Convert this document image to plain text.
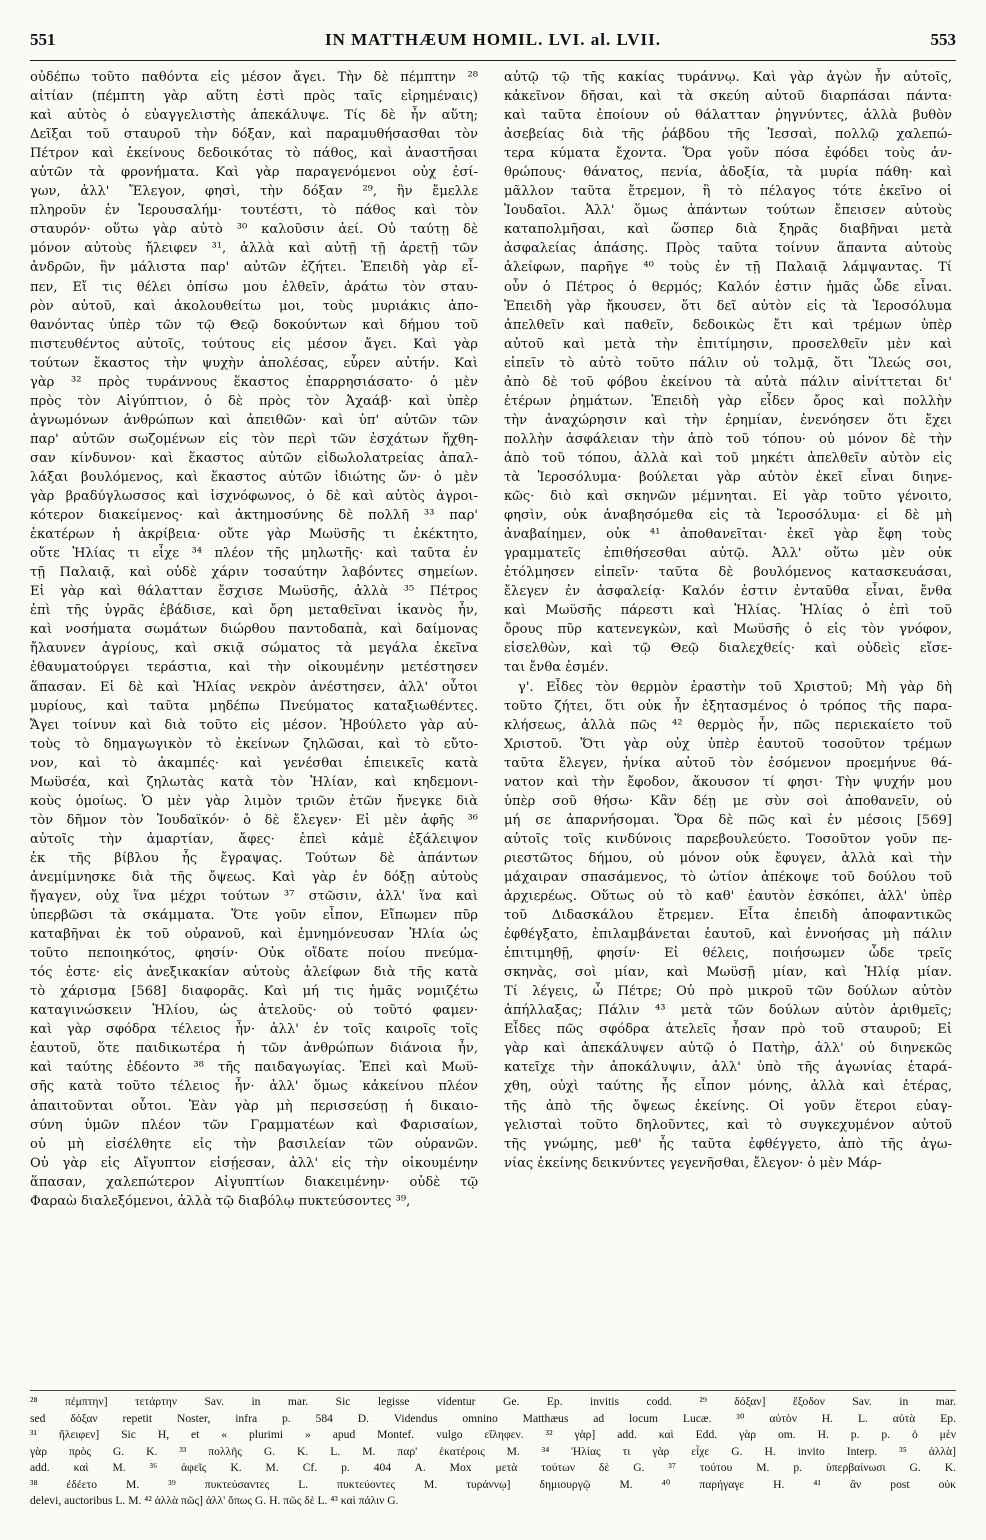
551	IN MATTHÆUM HOMIL. LVI. al. LVII.	553
οὐδέπω τοῦτο παθόντα εἰς μέσον ἄγει. Τὴν δὲ πέμπτην ²⁸
αἰτίαν (πέμπτη γὰρ αὕτη ἐστὶ πρὸς ταῖς εἰρημέναις)
καὶ αὐτὸς ὁ εὐαγγελιστὴς ἀπεκάλυψε. Τίς δὲ ἦν αὕτη;
Δεῖξαι τοῦ σταυροῦ τὴν δόξαν, καὶ παραμυθήσασθαι τὸν
Πέτρον καὶ ἐκείνους δεδοικότας τὸ πάθος, καὶ ἀναστῆσαι
αὐτῶν τὰ φρονήματα. Καὶ γὰρ παραγενόμενοι οὐχ ἐσί-
γων, ἀλλ' Ἔλεγον, φησὶ, τὴν δόξαν ²⁹, ἣν ἔμελλε
πληροῦν ἐν Ἱερουσαλήμ· τουτέστι, τὸ πάθος καὶ τὸν
σταυρόν· οὕτω γὰρ αὐτὸ ³⁰ καλοῦσιν ἀεί. Οὐ ταύτῃ δὲ
μόνον αὐτοὺς ἤλειφεν ³¹, ἀλλὰ καὶ αὐτῇ τῇ ἀρετῇ τῶν
ἀνδρῶν, ἣν μάλιστα παρ' αὐτῶν ἐζήτει. Ἐπειδὴ γὰρ εἶ-
πεν, Εἴ τις θέλει ὀπίσω μου ἐλθεῖν, ἀράτω τὸν σταυ-
ρὸν αὐτοῦ, καὶ ἀκολουθείτω μοι, τοὺς μυριάκις ἀπο-
θανόντας ὑπὲρ τῶν τῷ Θεῷ δοκούντων καὶ δήμου τοῦ
πιστευθέντος αὐτοῖς, τούτους εἰς μέσον ἄγει. Καὶ γὰρ
τούτων ἕκαστος τὴν ψυχὴν ἀπολέσας, εὗρεν αὐτήν. Καὶ
γὰρ ³² πρὸς τυράννους ἕκαστος ἐπαρρησιάσατο· ὁ μὲν
πρὸς τὸν Αἰγύπτιον, ὁ δὲ πρὸς τὸν Ἀχαάβ· καὶ ὑπὲρ
ἀγνωμόνων ἀνθρώπων καὶ ἀπειθῶν· καὶ ὑπ' αὐτῶν τῶν
παρ' αὐτῶν σωζομένων εἰς τὸν περὶ τῶν ἐσχάτων ἤχθη-
σαν κίνδυνον· καὶ ἕκαστος αὐτῶν εἰδωλολατρείας ἀπαλ-
λάξαι βουλόμενος, καὶ ἕκαστος αὐτῶν ἰδιώτης ὤν· ὁ μὲν
γὰρ βραδύγλωσσος καὶ ἰσχνόφωνος, ὁ δὲ καὶ αὐτὸς ἀγροι-
κότερον διακείμενος· καὶ ἀκτημοσύνης δὲ πολλῆ ³³ παρ'
ἑκατέρων ἡ ἀκρίβεια· οὔτε γὰρ Μωϋσῆς τι ἐκέκτητο,
οὔτε Ἠλίας τι εἶχε ³⁴ πλέον τῆς μηλωτῆς· καὶ ταῦτα ἐν
τῇ Παλαιᾷ, καὶ οὐδὲ χάριν τοσαύτην λαβόντες σημείων.
Εἰ γὰρ καὶ θάλατταν ἔσχισε Μωϋσῆς, ἀλλὰ ³⁵ Πέτρος
ἐπὶ τῆς ὑγρᾶς ἐβάδισε, καὶ ὄρη μεταθεῖναι ἱκανὸς ἦν,
καὶ νοσήματα σωμάτων διώρθου παντοδαπὰ, καὶ δαίμονας
ἤλαυνεν ἀγρίους, καὶ σκιᾷ σώματος τὰ μεγάλα ἐκεῖνα
ἐθαυματούργει τεράστια, καὶ τὴν οἰκουμένην μετέστησεν
ἅπασαν. Εἰ δὲ καὶ Ἠλίας νεκρὸν ἀνέστησεν, ἀλλ' οὗτοι
μυρίους, καὶ ταῦτα μηδέπω Πνεύματος καταξιωθέντες.
Ἄγει τοίνυν καὶ διὰ τοῦτο εἰς μέσον. Ἠβούλετο γὰρ αὐ-
τοὺς τὸ δημαγωγικὸν τὸ ἐκείνων ζηλῶσαι, καὶ τὸ εὔτο-
νον, καὶ τὸ ἀκαμπές· καὶ γενέσθαι ἐπιεικεῖς κατὰ
Μωϋσέα, καὶ ζηλωτὰς κατὰ τὸν Ἠλίαν, καὶ κηδεμονι-
κοὺς ὁμοίως. Ὁ μὲν γὰρ λιμὸν τριῶν ἐτῶν ἤνεγκε διὰ
τὸν δῆμον τὸν Ἰουδαϊκόν· ὁ δὲ ἔλεγεν· Εἰ μὲν ἀφῆς ³⁶
αὐτοῖς τὴν ἁμαρτίαν, ἄφες· ἐπεὶ κἀμὲ ἐξάλειψον
ἐκ τῆς βίβλου ἧς ἔγραψας. Τούτων δὲ ἁπάντων
ἀνεμίμνησκε διὰ τῆς ὄψεως. Καὶ γὰρ ἐν δόξῃ αὐτοὺς
ἤγαγεν, οὐχ ἵνα μέχρι τούτων ³⁷ στῶσιν, ἀλλ' ἵνα καὶ
ὑπερβῶσι τὰ σκάμματα. Ὅτε γοῦν εἶπον, Εἴπωμεν πῦρ
καταβῆναι ἐκ τοῦ οὐρανοῦ, καὶ ἐμνημόνευσαν Ἠλία ὡς
τοῦτο πεποιηκότος, φησίν· Οὐκ οἴδατε ποίου πνεύμα-
τός ἐστε· εἰς ἀνεξικακίαν αὐτοὺς ἀλείφων διὰ τῆς κατὰ
τὸ χάρισμα [568] διαφορᾶς. Καὶ μή τις ἡμᾶς νομιζέτω
καταγινώσκειν Ἠλίου, ὡς ἀτελοῦς· οὐ τοῦτό φαμεν·
καὶ γὰρ σφόδρα τέλειος ἦν· ἀλλ' ἐν τοῖς καιροῖς τοῖς
ἑαυτοῦ, ὅτε παιδικωτέρα ἡ τῶν ἀνθρώπων διάνοια ἦν,
καὶ ταύτης ἐδέοντο ³⁸ τῆς παιδαγωγίας. Ἐπεὶ καὶ Μωϋ-
σῆς κατὰ τοῦτο τέλειος ἦν· ἀλλ' ὅμως κἀκείνου πλέον
ἀπαιτοῦνται οὗτοι. Ἐὰν γὰρ μὴ περισσεύσῃ ἡ δικαιο-
σύνη ὑμῶν πλέον τῶν Γραμματέων καὶ Φαρισαίων,
οὐ μὴ εἰσέλθητε εἰς τὴν βασιλείαν τῶν οὐρανῶν.
Οὐ γὰρ εἰς Αἴγυπτον εἰσῄεσαν, ἀλλ' εἰς τὴν οἰκουμένην
ἅπασαν, χαλεπώτερον Αἰγυπτίων διακειμένην· οὐδὲ τῷ
Φαραὼ διαλεξόμενοι, ἀλλὰ τῷ διαβόλῳ πυκτεύσοντες ³⁹,
αὐτῷ τῷ τῆς κακίας τυράννῳ. Καὶ γὰρ ἀγὼν ἦν αὐτοῖς,
κἀκεῖνον δῆσαι, καὶ τὰ σκεύη αὐτοῦ διαρπάσαι πάντα·
καὶ ταῦτα ἐποίουν οὐ θάλατταν ῥηγνύντες, ἀλλὰ βυθὸν
ἀσεβείας διὰ τῆς ῥάβδου τῆς Ἰεσσαὶ, πολλῷ χαλεπώ-
τερα κύματα ἔχοντα. Ὅρα γοῦν πόσα ἐφόδει τοὺς ἀν-
θρώπους· θάνατος, πενία, ἀδοξία, τὰ μυρία πάθη· καὶ
μᾶλλον ταῦτα ἔτρεμον, ἢ τὸ πέλαγος τότε ἐκεῖνο οἱ
Ἰουδαῖοι. Ἀλλ' ὅμως ἁπάντων τούτων ἔπεισεν αὐτοὺς
καταπολμῆσαι, καὶ ὥσπερ διὰ ξηρᾶς διαβῆναι μετὰ
ἀσφαλείας ἁπάσης. Πρὸς ταῦτα τοίνυν ἅπαντα αὐτοὺς
ἀλείφων, παρῆγε ⁴⁰ τοὺς ἐν τῇ Παλαιᾷ λάμψαντας. Τί
οὖν ὁ Πέτρος ὁ θερμός; Καλόν ἐστιν ἡμᾶς ὧδε εἶναι.
Ἐπειδὴ γὰρ ἤκουσεν, ὅτι δεῖ αὐτὸν εἰς τὰ Ἱεροσόλυμα
ἀπελθεῖν καὶ παθεῖν, δεδοικὼς ἔτι καὶ τρέμων ὑπὲρ
αὐτοῦ καὶ μετὰ τὴν ἐπιτίμησιν, προσελθεῖν μὲν καὶ
εἰπεῖν τὸ αὐτὸ τοῦτο πάλιν οὐ τολμᾷ, ὅτι Ἵλεώς σοι,
ἀπὸ δὲ τοῦ φόβου ἐκείνου τὰ αὐτὰ πάλιν αἰνίττεται δι'
ἑτέρων ῥημάτων. Ἐπειδὴ γὰρ εἶδεν ὄρος καὶ πολλὴν
τὴν ἀναχώρησιν καὶ τὴν ἐρημίαν, ἐνενόησεν ὅτι ἔχει
πολλὴν ἀσφάλειαν τὴν ἀπὸ τοῦ τόπου· οὐ μόνον δὲ τὴν
ἀπὸ τοῦ τόπου, ἀλλὰ καὶ τοῦ μηκέτι ἀπελθεῖν αὐτὸν εἰς
τὰ Ἱεροσόλυμα· βούλεται γὰρ αὐτὸν ἐκεῖ εἶναι διηνε-
κῶς· διὸ καὶ σκηνῶν μέμνηται. Εἰ γὰρ τοῦτο γένοιτο,
φησὶν, οὐκ ἀναβησόμεθα εἰς τὰ Ἱεροσόλυμα· εἰ δὲ μὴ
ἀναβαίημεν, οὐκ ⁴¹ ἀποθανεῖται· ἐκεῖ γὰρ ἔφη τοὺς
γραμματεῖς ἐπιθήσεσθαι αὐτῷ. Ἀλλ' οὕτω μὲν οὐκ
ἐτόλμησεν εἰπεῖν· ταῦτα δὲ βουλόμενος κατασκευάσαι,
ἔλεγεν ἐν ἀσφαλείᾳ· Καλόν ἐστιν ἐνταῦθα εἶναι, ἔνθα
καὶ Μωϋσῆς πάρεστι καὶ Ἠλίας. Ἠλίας ὁ ἐπὶ τοῦ
ὄρους πῦρ κατενεγκὼν, καὶ Μωϋσῆς ὁ εἰς τὸν γνόφον,
εἰσελθὼν, καὶ τῷ Θεῷ διαλεχθείς· καὶ οὐδεὶς εἴσε-
ται ἔνθα ἐσμέν.
γ'. Εἶδες τὸν θερμὸν ἐραστὴν τοῦ Χριστοῦ; Μὴ γὰρ δὴ
τοῦτο ζήτει, ὅτι οὐκ ἦν ἐξητασμένος ὁ τρόπος τῆς παρα-
κλήσεως, ἀλλὰ πῶς ⁴² θερμὸς ἦν, πῶς περιεκαίετο τοῦ
Χριστοῦ. Ὅτι γὰρ οὐχ ὑπὲρ ἑαυτοῦ τοσοῦτον τρέμων
ταῦτα ἔλεγεν, ἡνίκα αὐτοῦ τὸν ἐσόμενον προεμήνυε θά-
νατον καὶ τὴν ἔφοδον, ἄκουσον τί φησι· Τὴν ψυχήν μου
ὑπὲρ σοῦ θήσω· Κἂν δέῃ με σὺν σοὶ ἀποθανεῖν, οὐ
μή σε ἀπαρνήσομαι. Ὅρα δὲ πῶς καὶ ἐν μέσοις [569]
αὐτοῖς τοῖς κινδύνοις παρεβουλεύετο. Τοσοῦτον γοῦν πε-
ριεστῶτος δήμου, οὐ μόνον οὐκ ἔφυγεν, ἀλλὰ καὶ τὴν
μάχαιραν σπασάμενος, τὸ ὠτίον ἀπέκοψε τοῦ δούλου τοῦ
ἀρχιερέως. Οὕτως οὐ τὸ καθ' ἑαυτὸν ἐσκόπει, ἀλλ' ὑπὲρ
τοῦ Διδασκάλου ἔτρεμεν. Εἶτα ἐπειδὴ ἀποφαντικῶς
ἐφθέγξατο, ἐπιλαμβάνεται ἑαυτοῦ, καὶ ἐννοήσας μὴ πάλιν
ἐπιτιμηθῇ, φησίν· Εἰ θέλεις, ποιήσωμεν ὧδε τρεῖς
σκηνὰς, σοὶ μίαν, καὶ Μωϋσῇ μίαν, καὶ Ἠλίᾳ μίαν.
Τί λέγεις, ὦ Πέτρε; Οὐ πρὸ μικροῦ τῶν δούλων αὐτὸν
ἀπήλλαξας; Πάλιν ⁴³ μετὰ τῶν δούλων αὐτὸν ἀριθμεῖς;
Εἶδες πῶς σφόδρα ἀτελεῖς ἦσαν πρὸ τοῦ σταυροῦ; Εἰ
γὰρ καὶ ἀπεκάλυψεν αὐτῷ ὁ Πατὴρ, ἀλλ' οὐ διηνεκῶς
κατεῖχε τὴν ἀποκάλυψιν, ἀλλ' ὑπὸ τῆς ἀγωνίας ἐταρά-
χθη, οὐχὶ ταύτης ἧς εἶπον μόνης, ἀλλὰ καὶ ἑτέρας,
τῆς ἀπὸ τῆς ὄψεως ἐκείνης. Οἱ γοῦν ἕτεροι εὐαγ-
γελισταὶ τοῦτο δηλοῦντες, καὶ τὸ συγκεχυμένον αὐτοῦ
τῆς γνώμης, μεθ' ἧς ταῦτα ἐφθέγγετο, ἀπὸ τῆς ἀγω-
νίας ἐκείνης δεικνύντες γεγενῆσθαι, ἔλεγον· ὁ μὲν Μάρ-
²⁸ πέμπτην] τετάρτην Sav. in mar. Sic legisse videntur Ge. Ep. invitis codd. ²⁹ δόξαν] ἔξοδον Sav. in mar.
sed δόξαν repetit Noster, infra p. 584 D. Videndus omnino Matthæus ad locum Lucæ. ³⁰ αὐτὸν H. L. αὐτὰ Ep.
³¹ ἤλειφεν] Sic H, et « plurimi » apud Montef. vulgo εἴληφεν. ³² γὰρ] add. καὶ Edd. γὰρ om. H. p. p. ὁ μὲν
γὰρ πρὸς G. K. ³³ πολλῆς G. K. L. M. παρ' ἑκατέροις M. ³⁴ Ἠλίας τι γὰρ εἶχε G. H. invito Interp. ³⁵ ἀλλὰ]
add. καὶ M. ³⁶ ἀφεῖς K. M. Cf. p. 404 A. Mox μετὰ τούτων δὲ G. ³⁷ τούτου M. p. ὑπερβαίνωσι G. K.
³⁸ ἐδέετο M. ³⁹ πυκτεύσαντες L. πυκτεύοντες M. τυράννῳ] δημιουργῷ M. ⁴⁰ παρήγαγε H. ⁴¹ ἂν post οὐκ
delevi, auctoribus L. M. ⁴² ἀλλὰ πῶς] ἀλλ' ὅπως G. H. πῶς δὲ L. ⁴³ καὶ πάλιν G.
